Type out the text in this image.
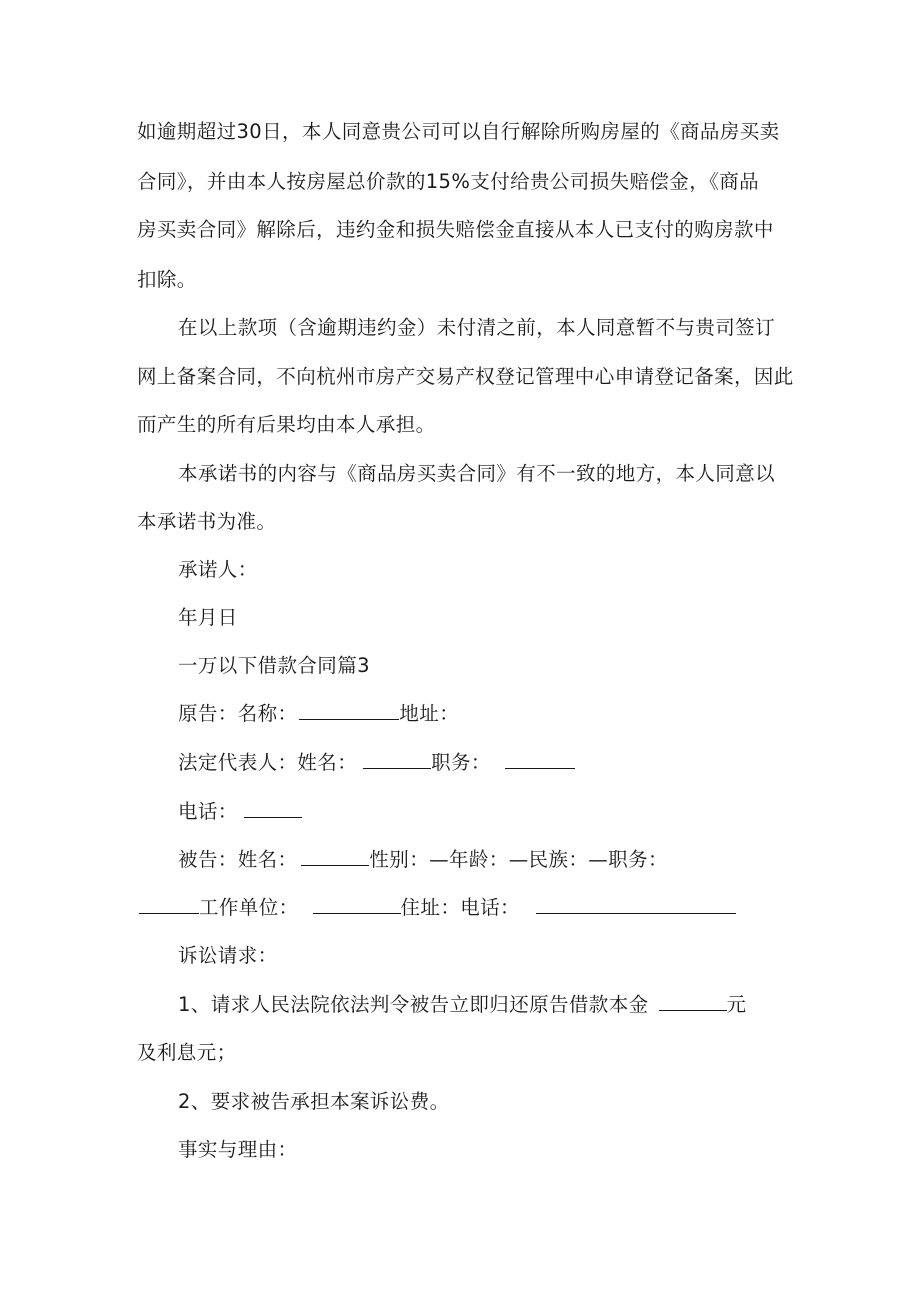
如逾期超过30日，本人同意贵公司可以自行解除所购房屋的《商品房买卖
合同》，并由本人按房屋总价款的15%支付给贵公司损失赔偿金，《商品
房买卖合同》解除后，违约金和损失赔偿金直接从本人已支付的购房款中
扣除。
在以上款项（含逾期违约金）未付清之前，本人同意暂不与贵司签订
网上备案合同，不向杭州市房产交易产权登记管理中心申请登记备案，因此
而产生的所有后果均由本人承担。
本承诺书的内容与《商品房买卖合同》有不一致的地方，本人同意以
本承诺书为准。
承诺人：
年月日
一万以下借款合同篇3
原告：名称：	地址：
法定代表人：姓名：	职务：
电话：
被告：姓名：	性别：—年龄：—民族：—职务：
工作单位：	住址：电话：
诉讼请求：
1、请求人民法院依法判令被告立即归还原告借款本金	元
及利息元；
2、要求被告承担本案诉讼费。
事实与理由：
